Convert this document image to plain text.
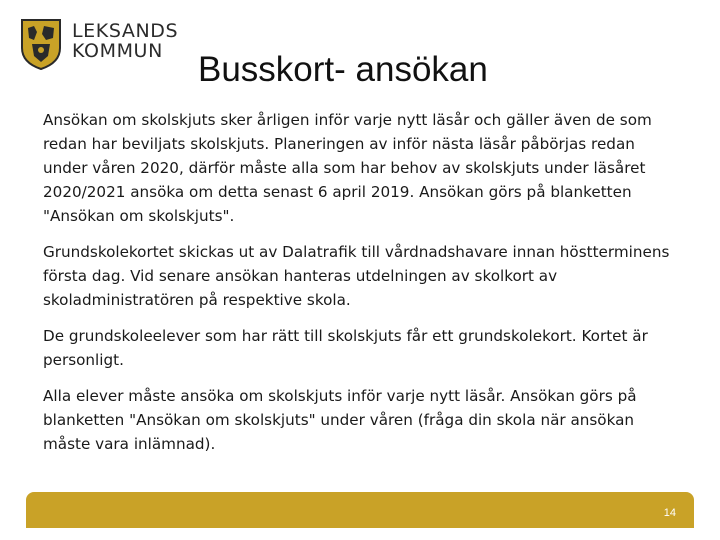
LEKSANDS
KOMMUN	Busskort- ansökan

Ansökan om skolskjuts sker årligen inför varje nytt läsår och gäller även de som redan har beviljats skolskjuts. Planeringen av inför nästa läsår påbörjas redan under våren 2020, därför måste alla som har behov av skolskjuts under läsåret 2020/2021 ansöka om detta senast 6 april 2019. Ansökan görs på blanketten "Ansökan om skolskjuts".

Grundskolekortet skickas ut av Dalatrafik till vårdnadshavare innan höstterminens första dag. Vid senare ansökan hanteras utdelningen av skolkort av skoladministratören på respektive skola.

De grundskoleelever som har rätt till skolskjuts får ett grundskolekort. Kortet är personligt.

Alla elever måste ansöka om skolskjuts inför varje nytt läsår. Ansökan görs på blanketten "Ansökan om skolskjuts" under våren (fråga din skola när ansökan måste vara inlämnad).

14
